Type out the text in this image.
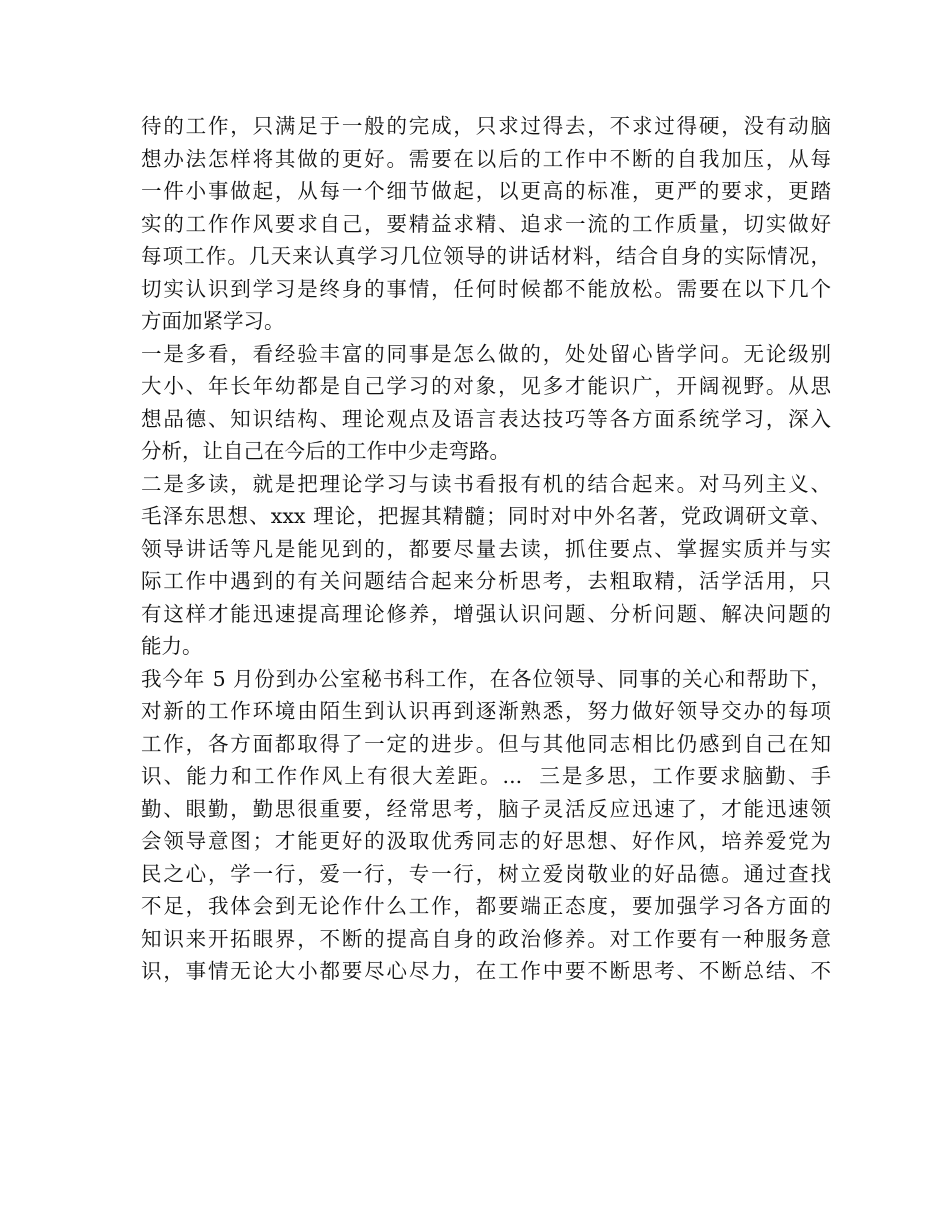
待的工作，只满足于一般的完成，只求过得去，不求过得硬，没有动脑
想办法怎样将其做的更好。需要在以后的工作中不断的自我加压，从每
一件小事做起，从每一个细节做起，以更高的标准，更严的要求，更踏
实的工作作风要求自己，要精益求精、追求一流的工作质量，切实做好
每项工作。几天来认真学习几位领导的讲话材料，结合自身的实际情况，
切实认识到学习是终身的事情，任何时候都不能放松。需要在以下几个
方面加紧学习。
一是多看，看经验丰富的同事是怎么做的，处处留心皆学问。无论级别
大小、年长年幼都是自己学习的对象，见多才能识广，开阔视野。从思
想品德、知识结构、理论观点及语言表达技巧等各方面系统学习，深入
分析，让自己在今后的工作中少走弯路。
二是多读，就是把理论学习与读书看报有机的结合起来。对马列主义、
毛泽东思想、xxx 理论，把握其精髓；同时对中外名著，党政调研文章、
领导讲话等凡是能见到的，都要尽量去读，抓住要点、掌握实质并与实
际工作中遇到的有关问题结合起来分析思考，去粗取精，活学活用，只
有这样才能迅速提高理论修养，增强认识问题、分析问题、解决问题的
能力。
我今年 5 月份到办公室秘书科工作，在各位领导、同事的关心和帮助下，
对新的工作环境由陌生到认识再到逐渐熟悉，努力做好领导交办的每项
工作，各方面都取得了一定的进步。但与其他同志相比仍感到自己在知
识、能力和工作作风上有很大差距。...  三是多思，工作要求脑勤、手
勤、眼勤，勤思很重要，经常思考，脑子灵活反应迅速了，才能迅速领
会领导意图；才能更好的汲取优秀同志的好思想、好作风，培养爱党为
民之心，学一行，爱一行，专一行，树立爱岗敬业的好品德。通过查找
不足，我体会到无论作什么工作，都要端正态度，要加强学习各方面的
知识来开拓眼界，不断的提高自身的政治修养。对工作要有一种服务意
识，事情无论大小都要尽心尽力，在工作中要不断思考、不断总结、不
